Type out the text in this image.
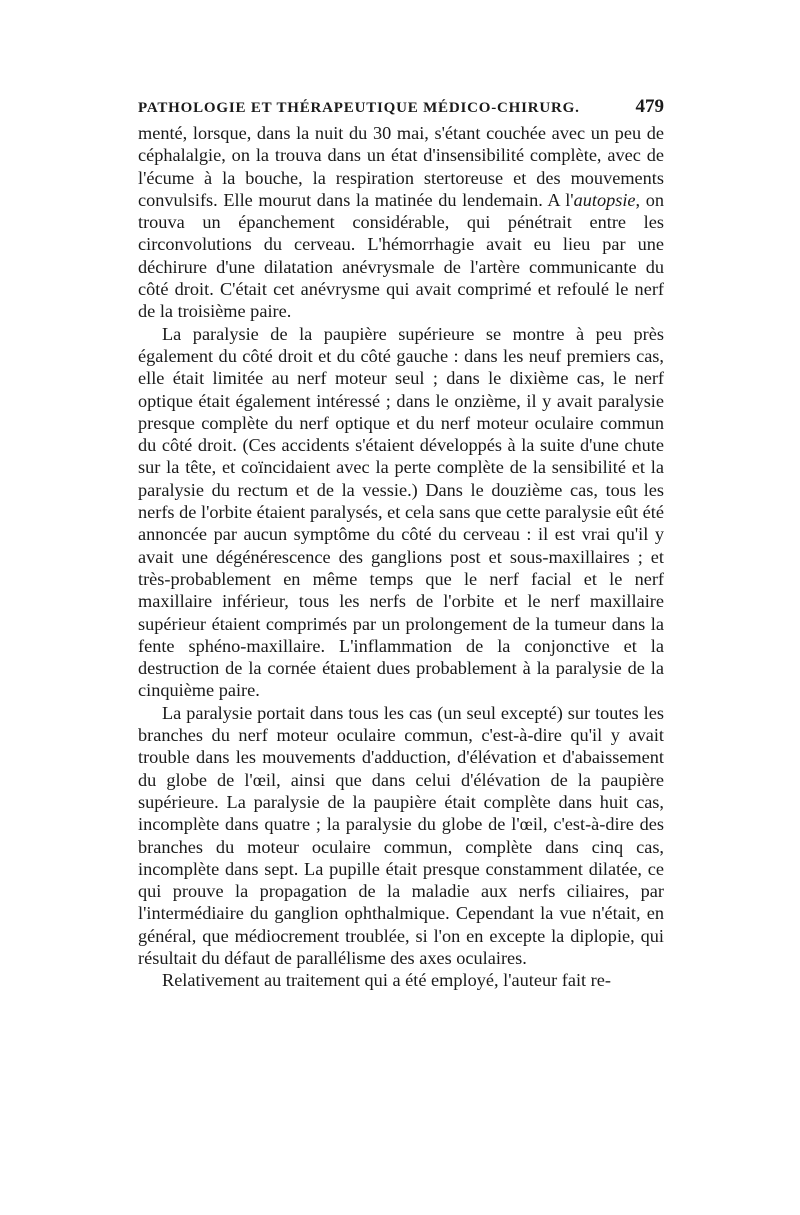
PATHOLOGIE ET THÉRAPEUTIQUE MÉDICO-CHIRURG.	479

menté, lorsque, dans la nuit du 30 mai, s'étant couchée avec un peu de céphalalgie, on la trouva dans un état d'insensibilité complète, avec de l'écume à la bouche, la respiration stertoreuse et des mouvements convulsifs. Elle mourut dans la matinée du lendemain. A l'autopsie, on trouva un épanchement considérable, qui pénétrait entre les circonvolutions du cerveau. L'hémorrhagie avait eu lieu par une déchirure d'une dilatation anévrysmale de l'artère communicante du côté droit. C'était cet anévrysme qui avait comprimé et refoulé le nerf de la troisième paire.

La paralysie de la paupière supérieure se montre à peu près également du côté droit et du côté gauche : dans les neuf premiers cas, elle était limitée au nerf moteur seul ; dans le dixième cas, le nerf optique était également intéressé ; dans le onzième, il y avait paralysie presque complète du nerf optique et du nerf moteur oculaire commun du côté droit. (Ces accidents s'étaient développés à la suite d'une chute sur la tête, et coïncidaient avec la perte complète de la sensibilité et la paralysie du rectum et de la vessie.) Dans le douzième cas, tous les nerfs de l'orbite étaient paralysés, et cela sans que cette paralysie eût été annoncée par aucun symptôme du côté du cerveau : il est vrai qu'il y avait une dégénérescence des ganglions post et sous-maxillaires ; et très-probablement en même temps que le nerf facial et le nerf maxillaire inférieur, tous les nerfs de l'orbite et le nerf maxillaire supérieur étaient comprimés par un prolongement de la tumeur dans la fente sphéno-maxillaire. L'inflammation de la conjonctive et la destruction de la cornée étaient dues probablement à la paralysie de la cinquième paire.

La paralysie portait dans tous les cas (un seul excepté) sur toutes les branches du nerf moteur oculaire commun, c'est-à-dire qu'il y avait trouble dans les mouvements d'adduction, d'élévation et d'abaissement du globe de l'œil, ainsi que dans celui d'élévation de la paupière supérieure. La paralysie de la paupière était complète dans huit cas, incomplète dans quatre ; la paralysie du globe de l'œil, c'est-à-dire des branches du moteur oculaire commun, complète dans cinq cas, incomplète dans sept. La pupille était presque constamment dilatée, ce qui prouve la propagation de la maladie aux nerfs ciliaires, par l'intermédiaire du ganglion ophthalmique. Cependant la vue n'était, en général, que médiocrement troublée, si l'on en excepte la diplopie, qui résultait du défaut de parallélisme des axes oculaires.

Relativement au traitement qui a été employé, l'auteur fait re-
